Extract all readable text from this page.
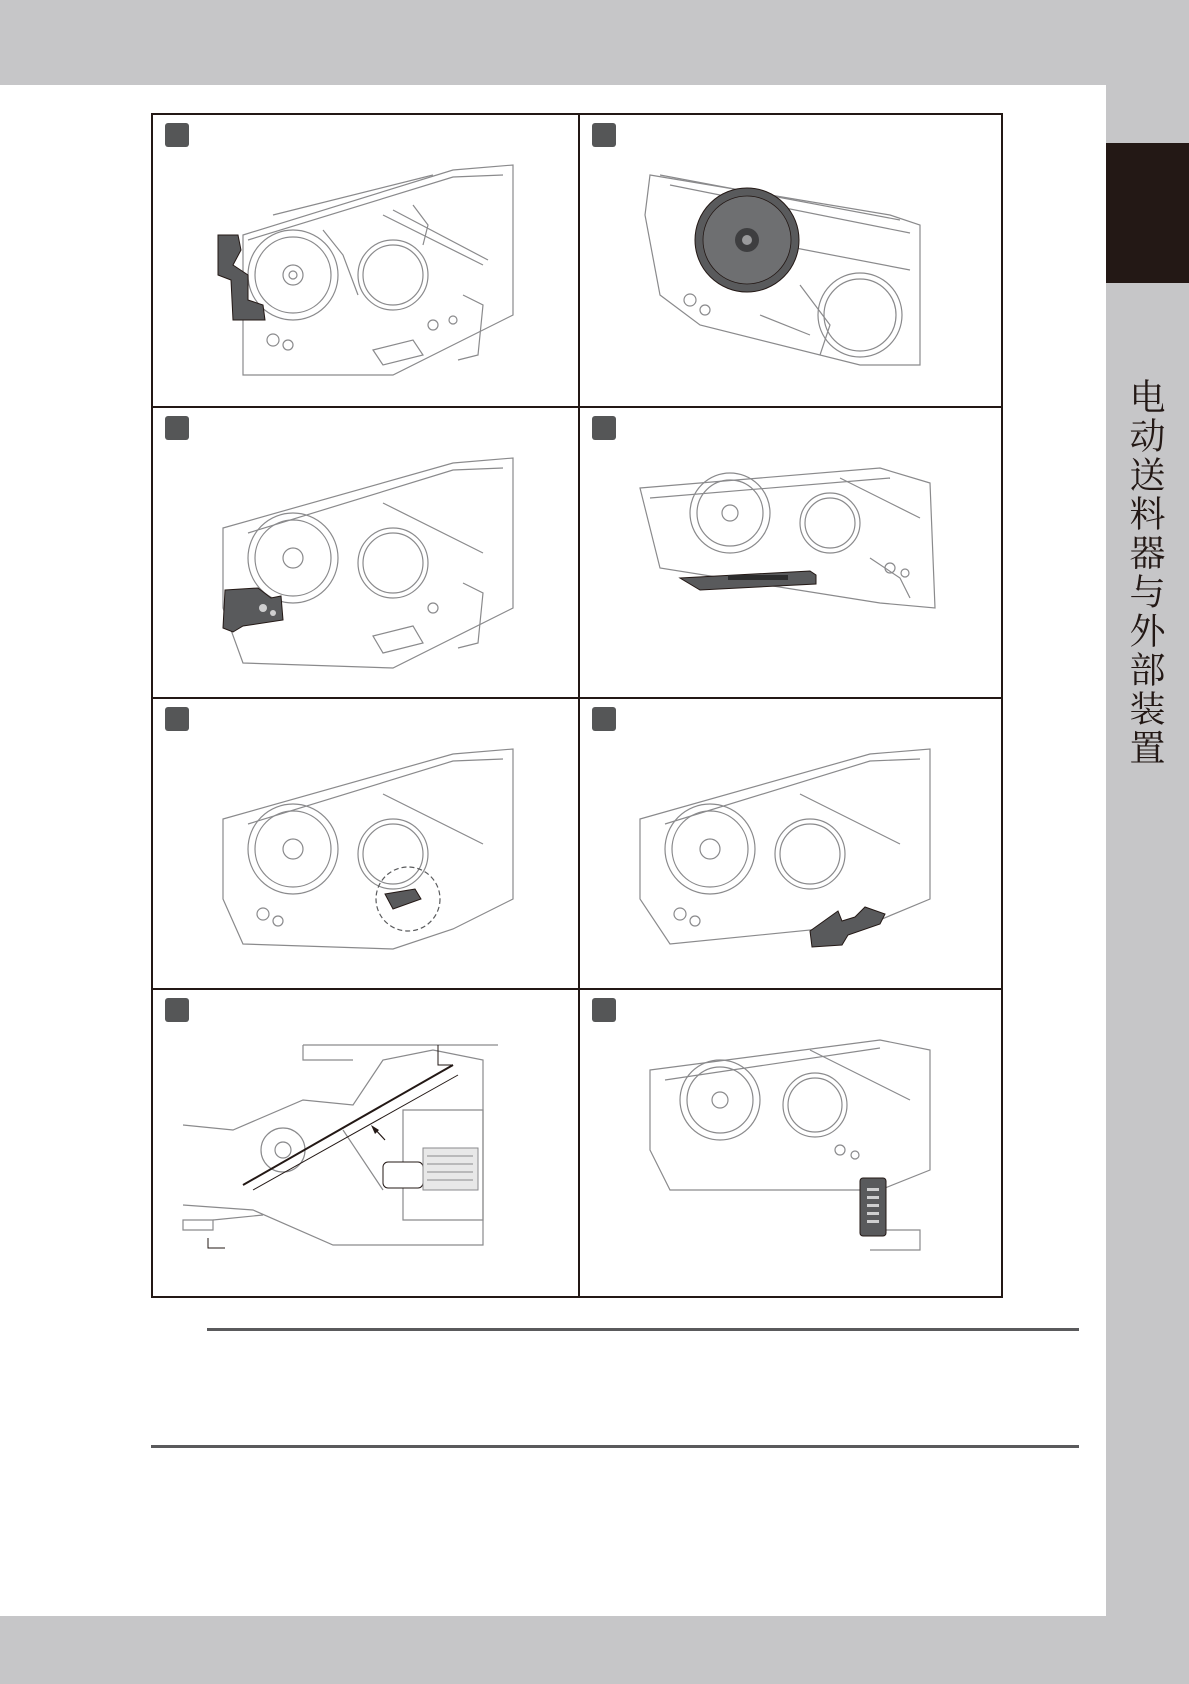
电动送料器与外部装置
